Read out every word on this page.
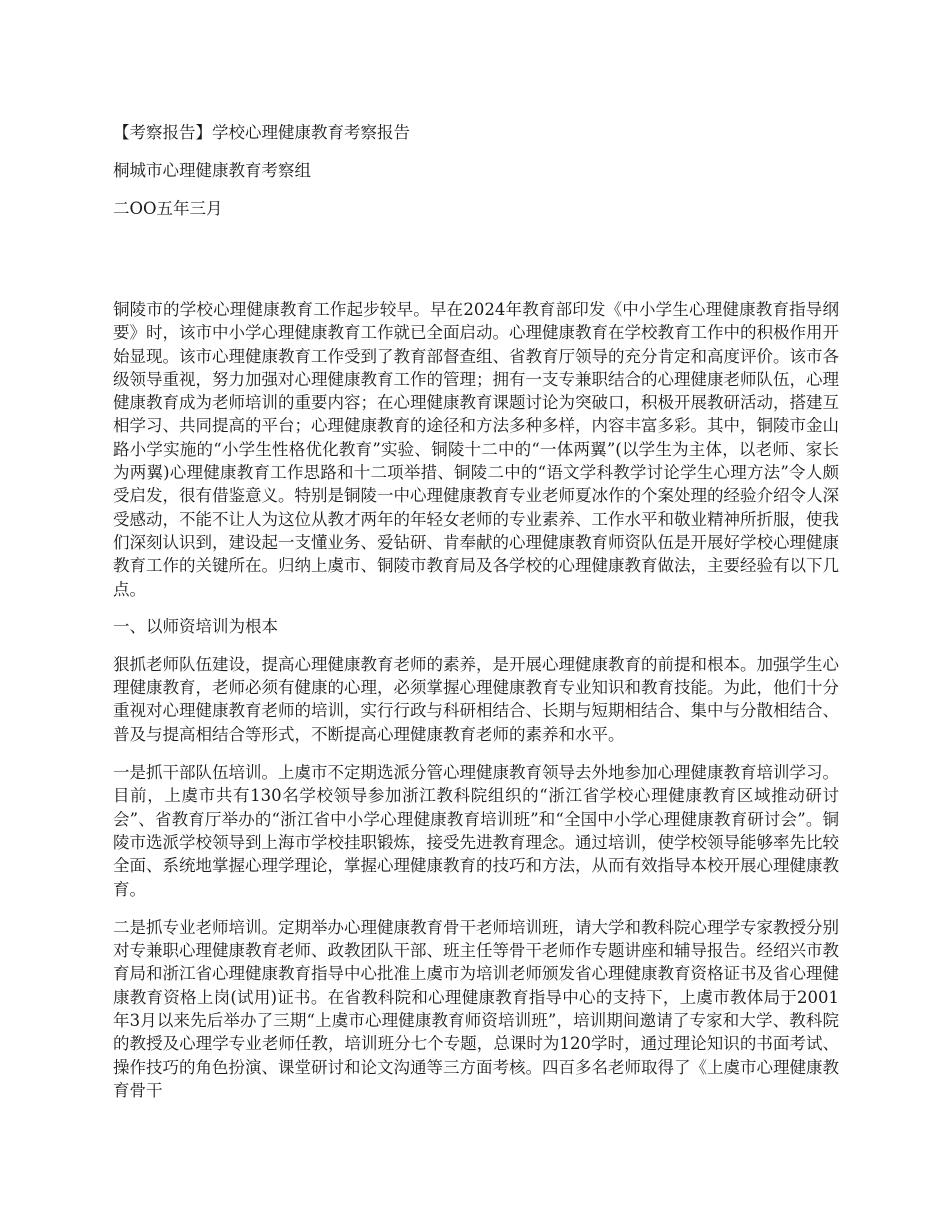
【考察报告】学校心理健康教育考察报告
桐城市心理健康教育考察组
二OO五年三月

铜陵市的学校心理健康教育工作起步较早。早在2024年教育部印发《中小学生心理健康教育指导纲要》时，该市中小学心理健康教育工作就已全面启动。心理健康教育在学校教育工作中的积极作用开始显现。该市心理健康教育工作受到了教育部督查组、省教育厅领导的充分肯定和高度评价。该市各级领导重视，努力加强对心理健康教育工作的管理；拥有一支专兼职结合的心理健康老师队伍，心理健康教育成为老师培训的重要内容；在心理健康教育课题讨论为突破口，积极开展教研活动，搭建互相学习、共同提高的平台；心理健康教育的途径和方法多种多样，内容丰富多彩。其中，铜陵市金山路小学实施的“小学生性格优化教育”实验、铜陵十二中的“一体两翼”(以学生为主体，以老师、家长为两翼)心理健康教育工作思路和十二项举措、铜陵二中的“语文学科教学讨论学生心理方法”令人颇受启发，很有借鉴意义。特别是铜陵一中心理健康教育专业老师夏冰作的个案处理的经验介绍令人深受感动，不能不让人为这位从教才两年的年轻女老师的专业素养、工作水平和敬业精神所折服，使我们深刻认识到，建设起一支懂业务、爱钻研、肯奉献的心理健康教育师资队伍是开展好学校心理健康教育工作的关键所在。归纳上虞市、铜陵市教育局及各学校的心理健康教育做法，主要经验有以下几点。

一、以师资培训为根本

狠抓老师队伍建设，提高心理健康教育老师的素养，是开展心理健康教育的前提和根本。加强学生心理健康教育，老师必须有健康的心理，必须掌握心理健康教育专业知识和教育技能。为此，他们十分重视对心理健康教育老师的培训，实行行政与科研相结合、长期与短期相结合、集中与分散相结合、普及与提高相结合等形式，不断提高心理健康教育老师的素养和水平。

一是抓干部队伍培训。上虞市不定期选派分管心理健康教育领导去外地参加心理健康教育培训学习。目前，上虞市共有130名学校领导参加浙江教科院组织的“浙江省学校心理健康教育区域推动研讨会”、省教育厅举办的“浙江省中小学心理健康教育培训班”和“全国中小学心理健康教育研讨会”。铜陵市选派学校领导到上海市学校挂职锻炼，接受先进教育理念。通过培训，使学校领导能够率先比较全面、系统地掌握心理学理论，掌握心理健康教育的技巧和方法，从而有效指导本校开展心理健康教育。

二是抓专业老师培训。定期举办心理健康教育骨干老师培训班，请大学和教科院心理学专家教授分别对专兼职心理健康教育老师、政教团队干部、班主任等骨干老师作专题讲座和辅导报告。经绍兴市教育局和浙江省心理健康教育指导中心批准上虞市为培训老师颁发省心理健康教育资格证书及省心理健康教育资格上岗(试用)证书。在省教科院和心理健康教育指导中心的支持下，上虞市教体局于2001年3月以来先后举办了三期“上虞市心理健康教育师资培训班”，培训期间邀请了专家和大学、教科院的教授及心理学专业老师任教，培训班分七个专题，总课时为120学时，通过理论知识的书面考试、操作技巧的角色扮演、课堂研讨和论文沟通等三方面考核。四百多名老师取得了《上虞市心理健康教育骨干
